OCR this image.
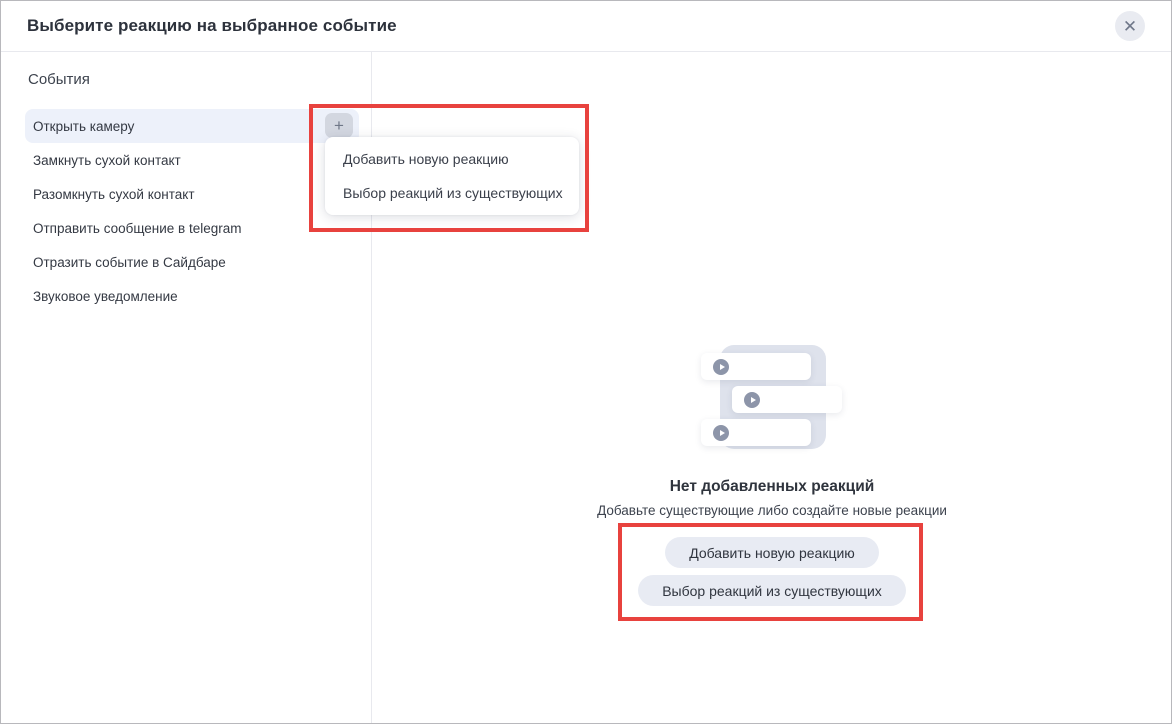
Выберите реакцию на выбранное событие	✕
События
Открыть камеру
Замкнуть сухой контакт
Разомкнуть сухой контакт
Отправить сообщение в telegram
Отразить событие в Сайдбаре
Звуковое уведомление
+
Добавить новую реакцию
Выбор реакций из существующих
Нет добавленных реакций
Добавьте существующие либо создайте новые реакции
Добавить новую реакцию
Выбор реакций из существующих
